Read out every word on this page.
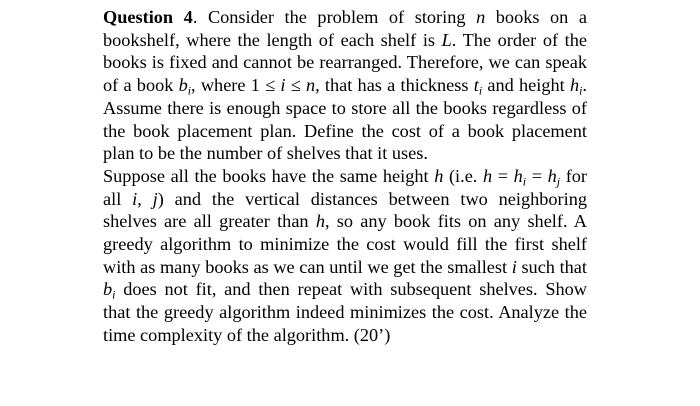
Question 4. Consider the problem of storing n books on a bookshelf, where the length of each shelf is L. The order of the books is fixed and cannot be rearranged. Therefore, we can speak of a book $b_i$, where 1 ≤ i ≤ n, that has a thickness $t_i$ and height $h_i$. Assume there is enough space to store all the books regardless of the book placement plan. Define the cost of a book placement plan to be the number of shelves that it uses.

Suppose all the books have the same height h (i.e. $h = h_i = h_j$ for all i, j) and the vertical distances between two neighboring shelves are all greater than h, so any book fits on any shelf. A greedy algorithm to minimize the cost would fill the first shelf with as many books as we can until we get the smallest i such that $b_i$ does not fit, and then repeat with subsequent shelves. Show that the greedy algorithm indeed minimizes the cost. Analyze the time complexity of the algorithm. (20’)
